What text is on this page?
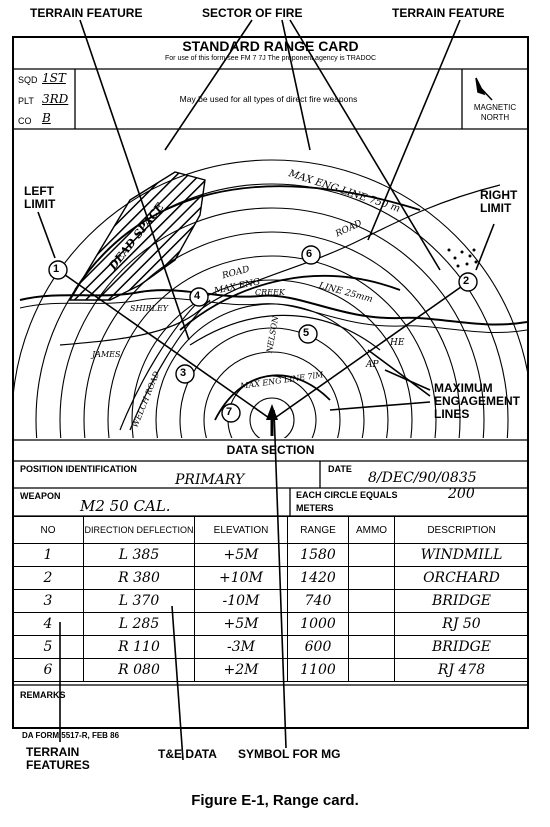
TERRAIN FEATURE	SECTOR OF FIRE	TERRAIN FEATURE
STANDARD RANGE CARD
For use of this form see FM 7 7J The proponent agency is TRADOC
May be used for all types of direct fire weapons
SQD 1ST
PLT 3RD
CO B
MAGNETIC
NORTH
DEAD SPACE
MAX ENG LINE 750 m
ROAD
ROAD
MAX ENG
SHIRLEY
CREEK	LINE 25mm
JAMES
WELCH ROAD
NELSON
MAX ENG LINE 7lM
HE
AP
1
2
3
4
5
6
7
LEFT
LIMIT
RIGHT
LIMIT
MAXIMUM
ENGAGEMENT
LINES
DATA SECTION
POSITION IDENTIFICATION
PRIMARY
DATE
8/DEC/90/0835
WEAPON
M2 50 CAL.
EACH CIRCLE EQUALS	200
METERS
NO	DIRECTION DEFLECTION	ELEVATION	RANGE	AMMO	DESCRIPTION
1	L 385	+5M	1580		WINDMILL
2	R 380	+10M	1420		ORCHARD
3	L 370	-10M	740		BRIDGE
4	L 285	+5M	1000		RJ 50
5	R 110	-3M	600		BRIDGE
6	R 080	+2M	1100		RJ 478
REMARKS
DA FORM 5517-R, FEB 86
TERRAIN
FEATURES
T&E DATA SYMBOL FOR MG
Figure E-1, Range card.
